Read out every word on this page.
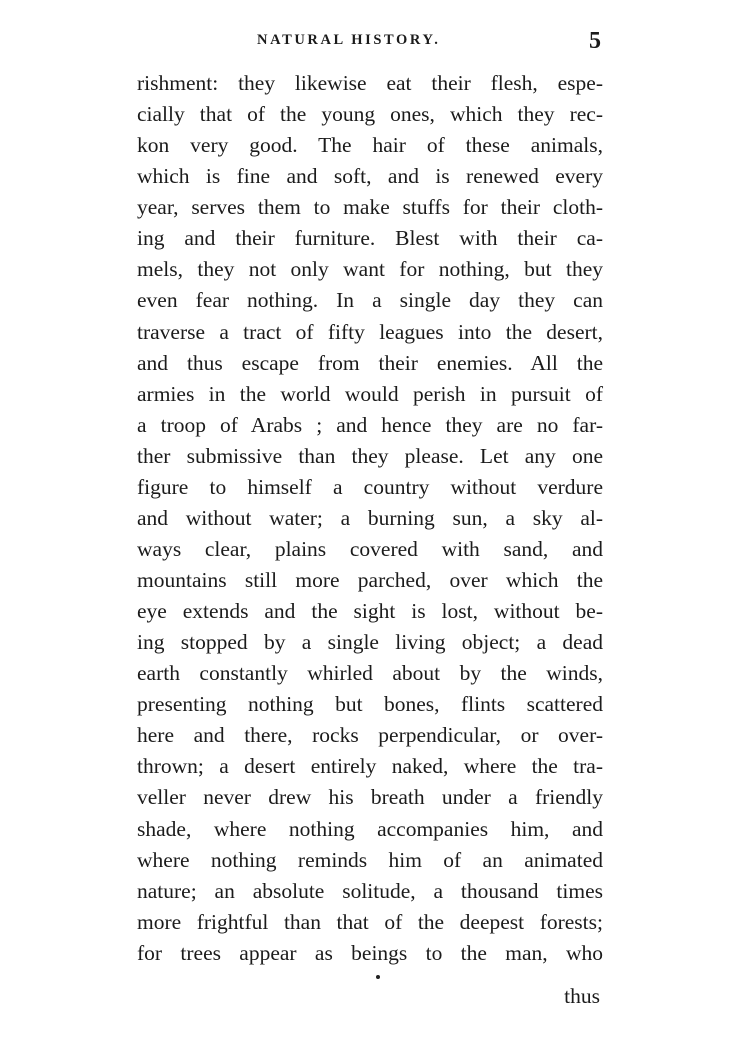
NATURAL HISTORY.	5
rishment: they likewise eat their flesh, espe-
cially that of the young ones, which they rec-
kon very good. The hair of these animals,
which is fine and soft, and is renewed every
year, serves them to make stuffs for their cloth-
ing and their furniture. Blest with their ca-
mels, they not only want for nothing, but they
even fear nothing. In a single day they can
traverse a tract of fifty leagues into the desert,
and thus escape from their enemies. All the
armies in the world would perish in pursuit of
a troop of Arabs ; and hence they are no far-
ther submissive than they please. Let any one
figure to himself a country without verdure
and without water; a burning sun, a sky al-
ways clear, plains covered with sand, and
mountains still more parched, over which the
eye extends and the sight is lost, without be-
ing stopped by a single living object; a dead
earth constantly whirled about by the winds,
presenting nothing but bones, flints scattered
here and there, rocks perpendicular, or over-
thrown; a desert entirely naked, where the tra-
veller never drew his breath under a friendly
shade, where nothing accompanies him, and
where nothing reminds him of an animated
nature; an absolute solitude, a thousand times
more frightful than that of the deepest forests;
for trees appear as beings to the man, who
thus
